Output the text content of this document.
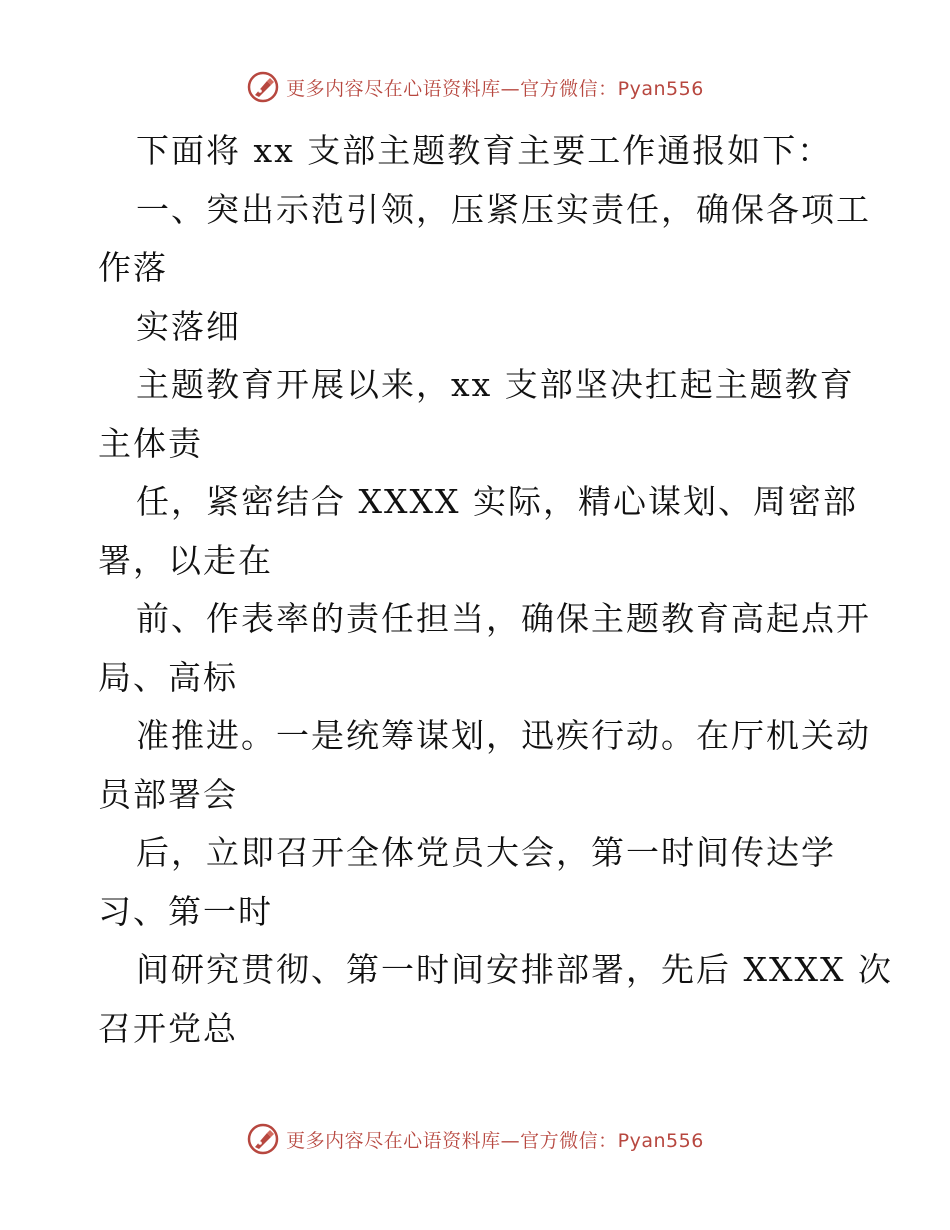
更多内容尽在心语资料库—官方微信：Pyan556
下面将 xx 支部主题教育主要工作通报如下：
一、突出示范引领，压紧压实责任，确保各项工
作落
实落细
主题教育开展以来，xx 支部坚决扛起主题教育
主体责
任，紧密结合 XXXX 实际，精心谋划、周密部
署，以走在
前、作表率的责任担当，确保主题教育高起点开
局、高标
准推进。一是统筹谋划，迅疾行动。在厅机关动
员部署会
后，立即召开全体党员大会，第一时间传达学
习、第一时
间研究贯彻、第一时间安排部署，先后 XXXX 次
召开党总
更多内容尽在心语资料库—官方微信：Pyan556
